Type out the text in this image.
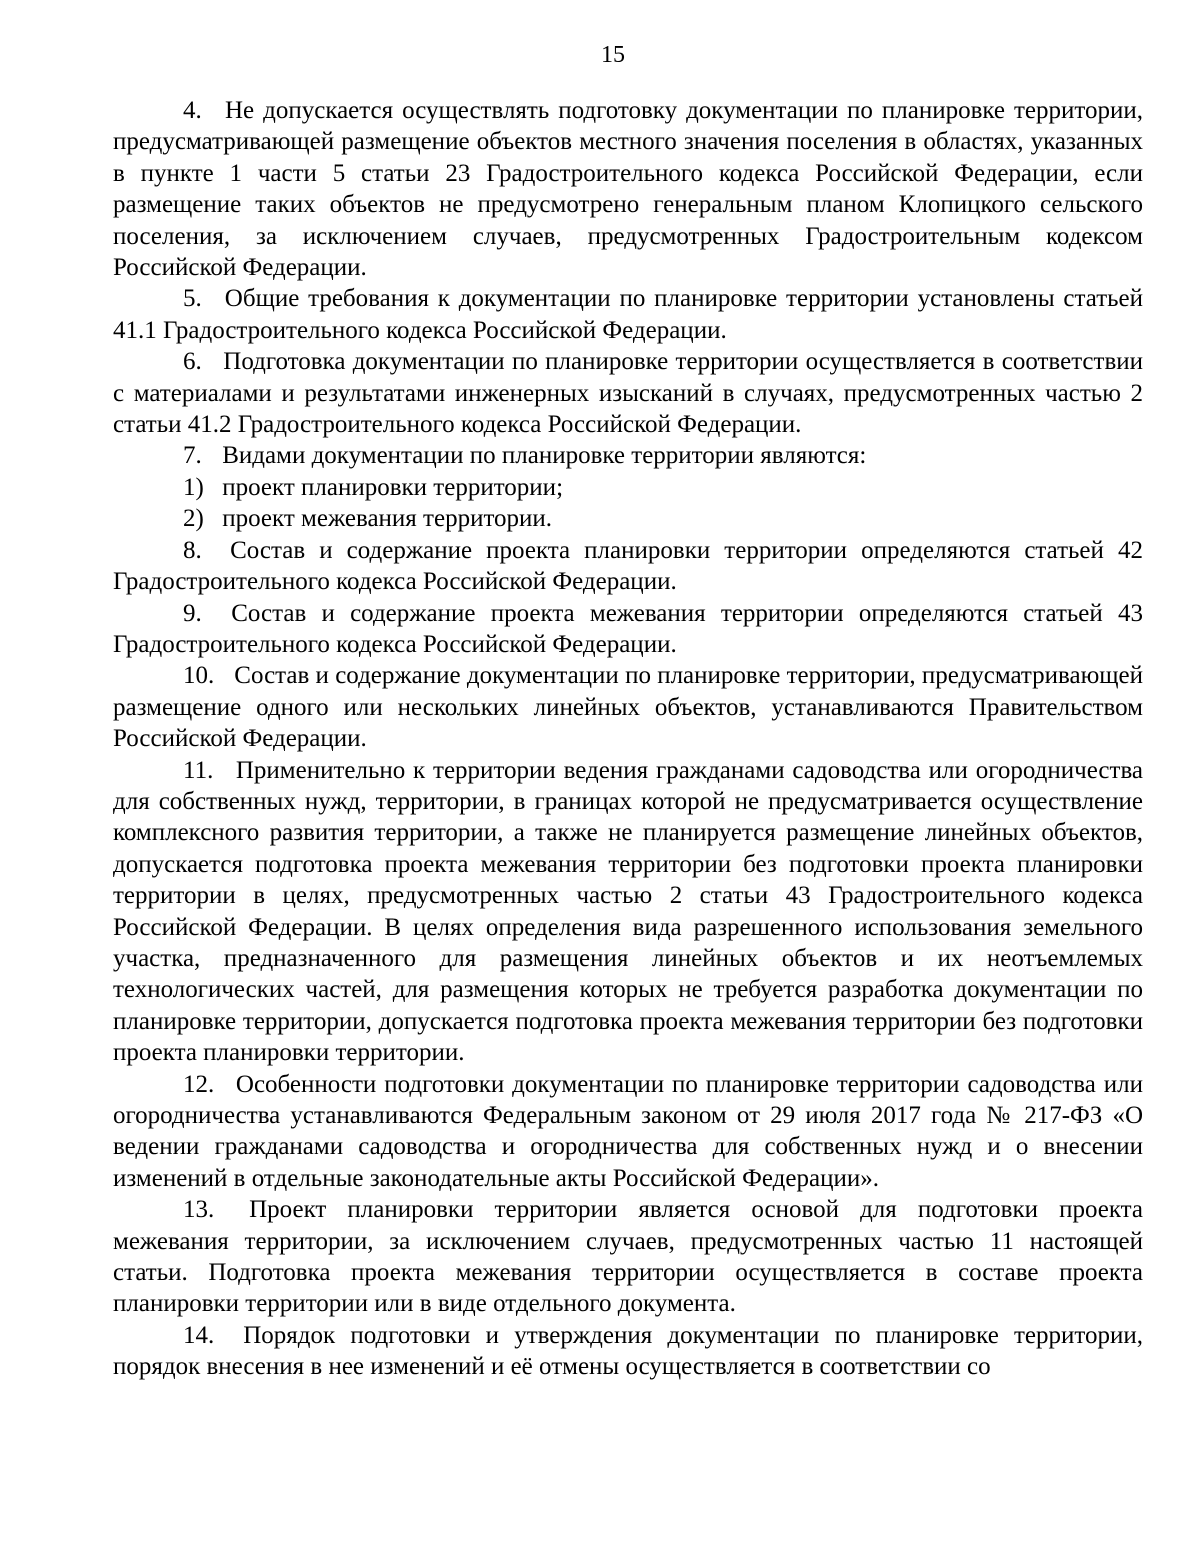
15

4. Не допускается осуществлять подготовку документации по планировке территории, предусматривающей размещение объектов местного значения поселения в областях, указанных в пункте 1 части 5 статьи 23 Градостроительного кодекса Российской Федерации, если размещение таких объектов не предусмотрено генеральным планом Клопицкого сельского поселения, за исключением случаев, предусмотренных Градостроительным кодексом Российской Федерации.

5. Общие требования к документации по планировке территории установлены статьей 41.1 Градостроительного кодекса Российской Федерации.

6. Подготовка документации по планировке территории осуществляется в соответствии с материалами и результатами инженерных изысканий в случаях, предусмотренных частью 2 статьи 41.2 Градостроительного кодекса Российской Федерации.

7. Видами документации по планировке территории являются:

1) проект планировки территории;

2) проект межевания территории.

8. Состав и содержание проекта планировки территории определяются статьей 42 Градостроительного кодекса Российской Федерации.

9. Состав и содержание проекта межевания территории определяются статьей 43 Градостроительного кодекса Российской Федерации.

10. Состав и содержание документации по планировке территории, предусматривающей размещение одного или нескольких линейных объектов, устанавливаются Правительством Российской Федерации.

11. Применительно к территории ведения гражданами садоводства или огородничества для собственных нужд, территории, в границах которой не предусматривается осуществление комплексного развития территории, а также не планируется размещение линейных объектов, допускается подготовка проекта межевания территории без подготовки проекта планировки территории в целях, предусмотренных частью 2 статьи 43 Градостроительного кодекса Российской Федерации. В целях определения вида разрешенного использования земельного участка, предназначенного для размещения линейных объектов и их неотъемлемых технологических частей, для размещения которых не требуется разработка документации по планировке территории, допускается подготовка проекта межевания территории без подготовки проекта планировки территории.

12. Особенности подготовки документации по планировке территории садоводства или огородничества устанавливаются Федеральным законом от 29 июля 2017 года № 217-ФЗ «О ведении гражданами садоводства и огородничества для собственных нужд и о внесении изменений в отдельные законодательные акты Российской Федерации».

13. Проект планировки территории является основой для подготовки проекта межевания территории, за исключением случаев, предусмотренных частью 11 настоящей статьи. Подготовка проекта межевания территории осуществляется в составе проекта планировки территории или в виде отдельного документа.

14. Порядок подготовки и утверждения документации по планировке территории, порядок внесения в нее изменений и её отмены осуществляется в соответствии со
